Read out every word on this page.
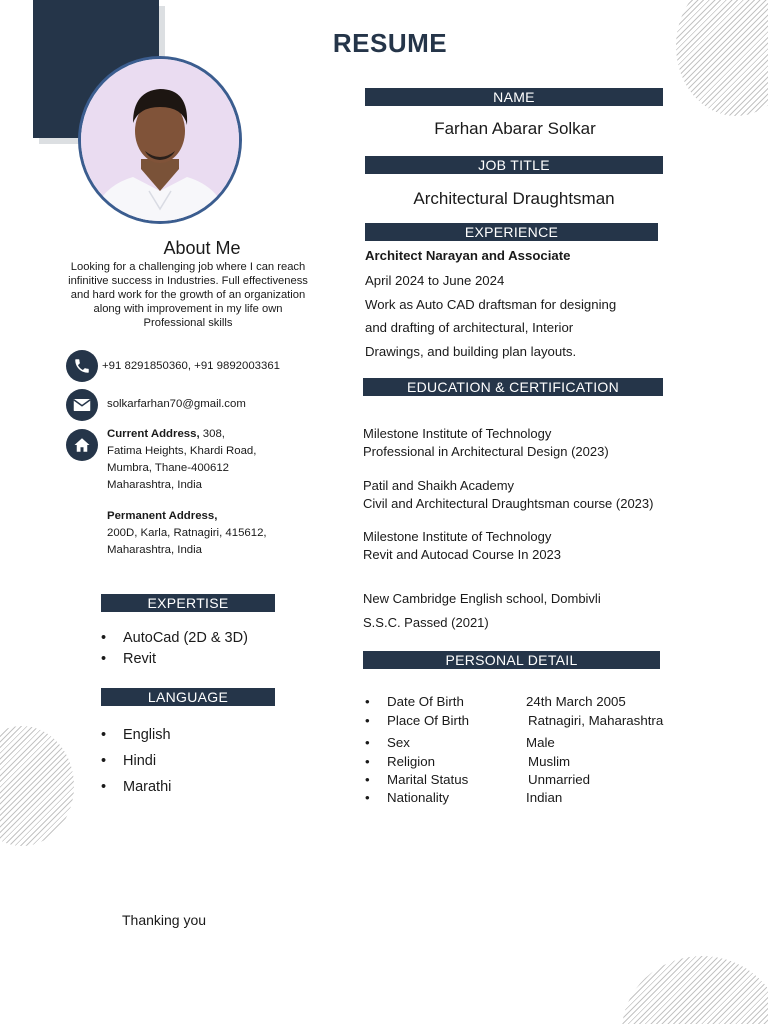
RESUME
About Me
Looking for a challenging job where I can reach infinitive success in Industries. Full effectiveness and hard work for the growth of an organization along with improvement in my life own Professional skills
+91 8291850360, +91 9892003361
solkarfarhan70@gmail.com
Current Address, 308,
Fatima Heights, Khardi Road,
Mumbra, Thane-400612
Maharashtra, India
Permanent Address,
200D, Karla, Ratnagiri, 415612,
Maharashtra, India
EXPERTISE
• AutoCad (2D & 3D)
• Revit
LANGUAGE
• English
• Hindi
• Marathi
NAME
Farhan Abarar Solkar
JOB TITLE
Architectural Draughtsman
EXPERIENCE
Architect Narayan and Associate
April 2024 to June 2024
Work as Auto CAD draftsman for designing
and drafting of architectural, Interior
Drawings, and building plan layouts.
EDUCATION & CERTIFICATION
Milestone Institute of Technology
Professional in Architectural Design (2023)
Patil and Shaikh Academy
Civil and Architectural Draughtsman course (2023)
Milestone Institute of Technology
Revit and Autocad Course In 2023
New Cambridge English school, Dombivli
S.S.C. Passed (2021)
PERSONAL DETAIL
• Date Of Birth	24th March 2005
• Place Of Birth	Ratnagiri, Maharashtra
• Sex	Male
• Religion	Muslim
• Marital Status	Unmarried
• Nationality	Indian
Thanking you
